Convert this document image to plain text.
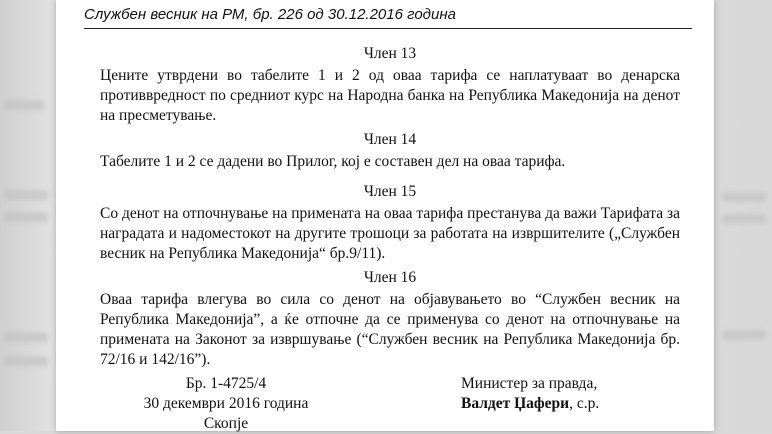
Службен весник на РМ, бр. 226 од 30.12.2016 година
Член 13
Цените утврдени во табелите 1 и 2 од оваа тарифа се наплатуваат во денарска противвредност по средниот курс на Народна банка на Република Македонија на денот на пресметување.
Член 14
Табелите 1 и 2 се дадени во Прилог, кој е составен дел на оваа тарифа.
Член 15
Со денот на отпочнување на примената на оваа тарифа престанува да важи Тарифата за наградата и надоместокот на другите трошоци за работата на извршителите („Службен весник на Република Македонија“ бр.9/11).
Член 16
Оваа тарифа влегува во сила со денот на објавувањето во “Службен весник на Република Македонија”, а ќе отпочне да се применува со денот на отпочнување на примената на Законот за извршување (“Службен весник на Република Македонија бр. 72/16 и 142/16”).
Бр. 1-4725/4
30 декември 2016 година
Скопје
Министер за правда,
Валдет Џафери, с.р.
